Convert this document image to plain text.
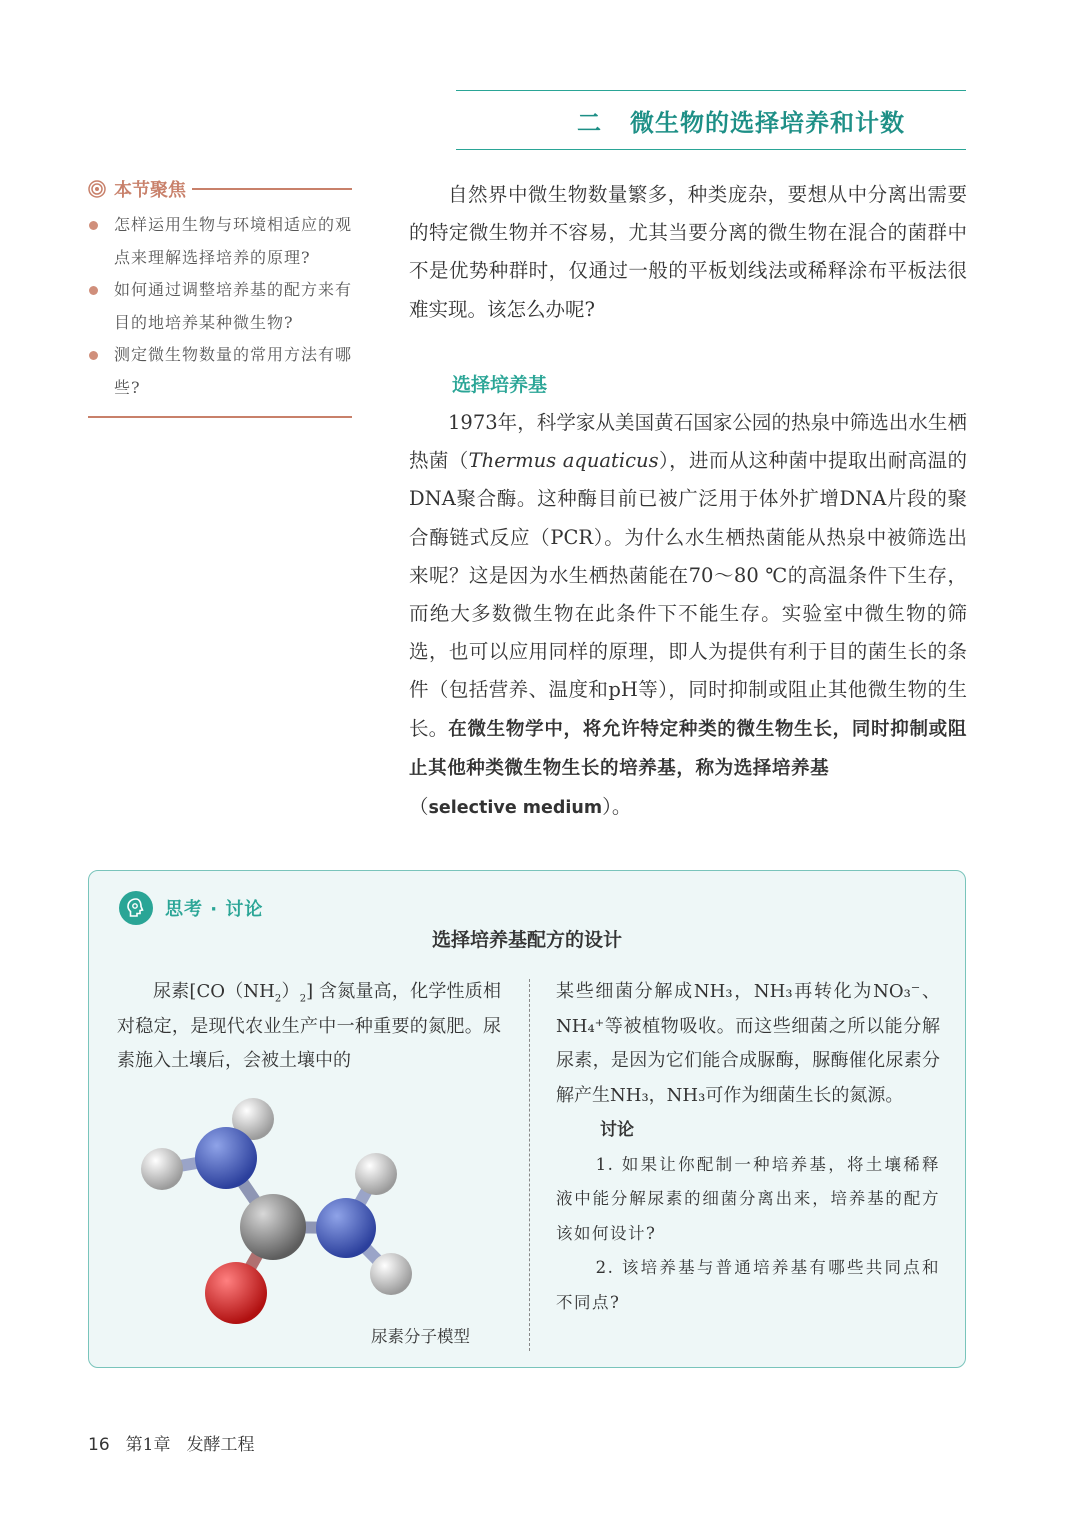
二 微生物的选择培养和计数
本节聚焦
怎样运用生物与环境相适应的观点来理解选择培养的原理?
如何通过调整培养基的配方来有目的地培养某种微生物?
测定微生物数量的常用方法有哪些?

自然界中微生物数量繁多，种类庞杂，要想从中分离出需要的特定微生物并不容易，尤其当要分离的微生物在混合的菌群中不是优势种群时，仅通过一般的平板划线法或稀释涂布平板法很难实现。该怎么办呢?

选择培养基

1973年，科学家从美国黄石国家公园的热泉中筛选出水生栖热菌（Thermus aquaticus），进而从这种菌中提取出耐高温的DNA聚合酶。这种酶目前已被广泛用于体外扩增DNA片段的聚合酶链式反应（PCR）。为什么水生栖热菌能从热泉中被筛选出来呢？这是因为水生栖热菌能在70～80 ℃的高温条件下生存，而绝大多数微生物在此条件下不能生存。实验室中微生物的筛选，也可以应用同样的原理，即人为提供有利于目的菌生长的条件（包括营养、温度和pH等），同时抑制或阻止其他微生物的生长。在微生物学中，将允许特定种类的微生物生长，同时抑制或阻止其他种类微生物生长的培养基，称为选择培养基

（selective medium）。

思考 · 讨论
选择培养基配方的设计

尿素$[CO(NH_2)_2]$ 含氮量高，化学性质相对稳定，是现代农业生产中一种重要的氮肥。尿素施入土壤后，会被土壤中的

尿素分子模型

某些细菌分解成NH₃，NH₃再转化为NO₃⁻、NH₄⁺等被植物吸收。而这些细菌之所以能分解尿素，是因为它们能合成脲酶，脲酶催化尿素分解产生NH₃，NH₃可作为细菌生长的氮源。

讨论

1. 如果让你配制一种培养基，将土壤稀释液中能分解尿素的细菌分离出来，培养基的配方该如何设计?

2. 该培养基与普通培养基有哪些共同点和不同点?

16 第1章 发酵工程
